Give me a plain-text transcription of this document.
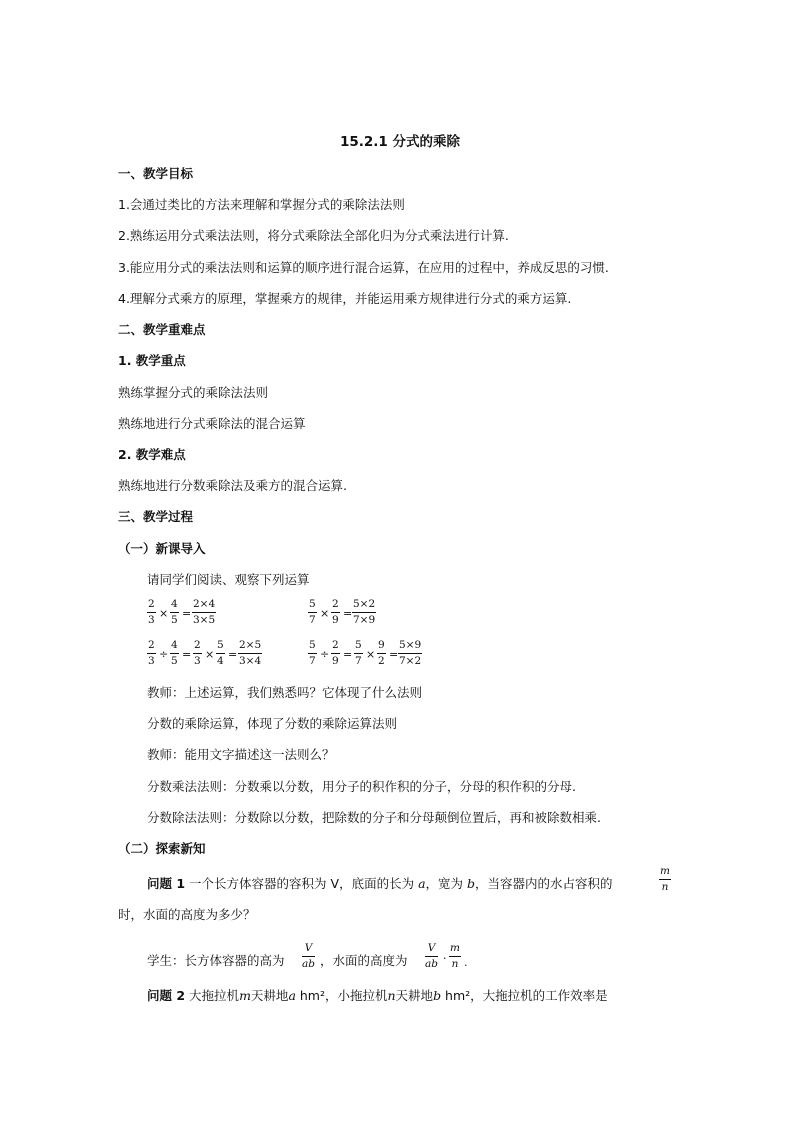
15.2.1 分式的乘除
一、教学目标
1.会通过类比的方法来理解和掌握分式的乘除法法则
2.熟练运用分式乘法法则，将分式乘除法全部化归为分式乘法进行计算.
3.能应用分式的乘法法则和运算的顺序进行混合运算，在应用的过程中，养成反思的习惯.
4.理解分式乘方的原理，掌握乘方的规律，并能运用乘方规律进行分式的乘方运算.
二、教学重难点
1. 教学重点
熟练掌握分式的乘除法法则
熟练地进行分式乘除法的混合运算
2. 教学难点
熟练地进行分数乘除法及乘方的混合运算.
三、教学过程
（一）新课导入
请同学们阅读、观察下列运算
$\frac{2}{3} \times \frac{4}{5} = \frac{2\times 4}{3\times 5}$	$\frac{5}{7} \times \frac{2}{9} = \frac{5\times 2}{7\times 9}$
$\frac{2}{3} \div \frac{4}{5} = \frac{2}{3} \times \frac{5}{4} = \frac{2\times 5}{3\times 4}$	$\frac{5}{7} \div \frac{2}{9} = \frac{5}{7} \times \frac{9}{2} = \frac{5\times 9}{7\times 2}$
教师：上述运算，我们熟悉吗？它体现了什么法则
分数的乘除运算，体现了分数的乘除运算法则
教师：能用文字描述这一法则么？
分数乘法法则：分数乘以分数，用分子的积作积的分子，分母的积作积的分母.
分数除法法则：分数除以分数，把除数的分子和分母颠倒位置后，再和被除数相乘.
（二）探索新知
问题 1 一个长方体容器的容积为 V，底面的长为 a，宽为 b，当容器内的水占容积的	$\frac{m}{n}$
时，水面的高度为多少？
学生：长方体容器的高为 $\frac{V}{ab}$ ，水面的高度为 $\frac{V}{ab} \cdot \frac{m}{n}$ .
问题 2 大拖拉机m天耕地a hm²，小拖拉机n天耕地b hm²，大拖拉机的工作效率是
